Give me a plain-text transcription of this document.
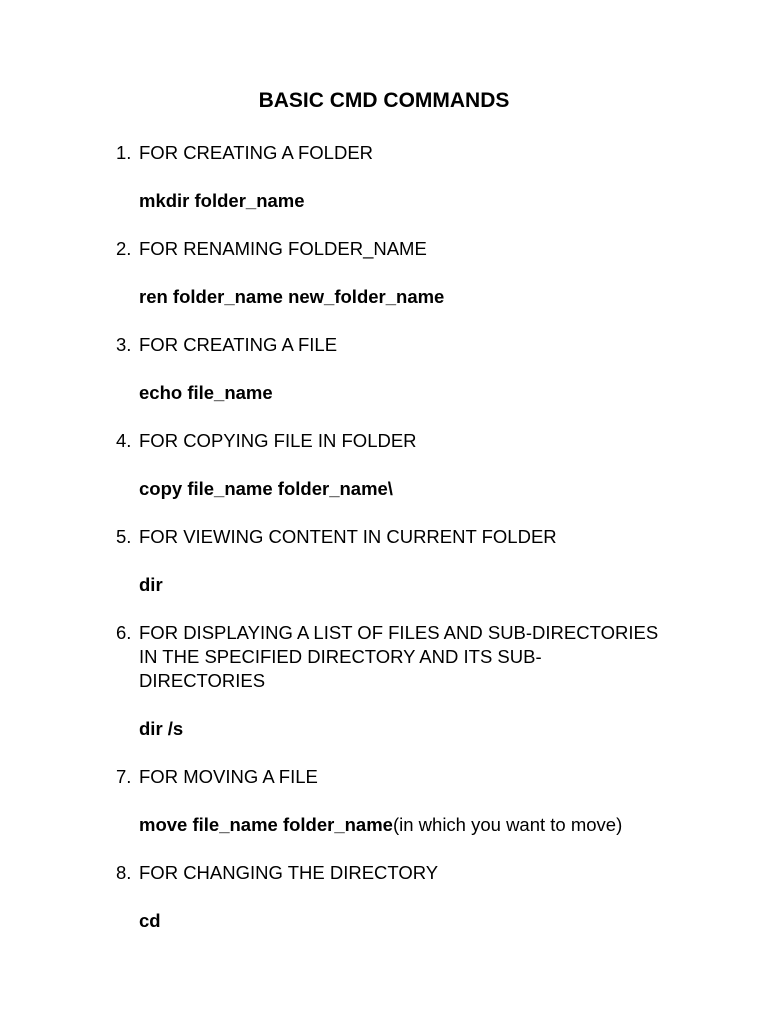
BASIC CMD COMMANDS
1. FOR CREATING A FOLDER
mkdir folder_name
2. FOR RENAMING FOLDER_NAME
ren folder_name new_folder_name
3. FOR CREATING A FILE
echo file_name
4. FOR COPYING FILE IN FOLDER
copy file_name folder_name\
5. FOR VIEWING CONTENT IN CURRENT FOLDER
dir
6. FOR DISPLAYING A LIST OF FILES AND SUB-DIRECTORIES IN THE SPECIFIED DIRECTORY AND ITS SUB-DIRECTORIES
dir /s
7. FOR MOVING A FILE
move file_name folder_name(in which you want to move)
8. FOR CHANGING THE DIRECTORY
cd
